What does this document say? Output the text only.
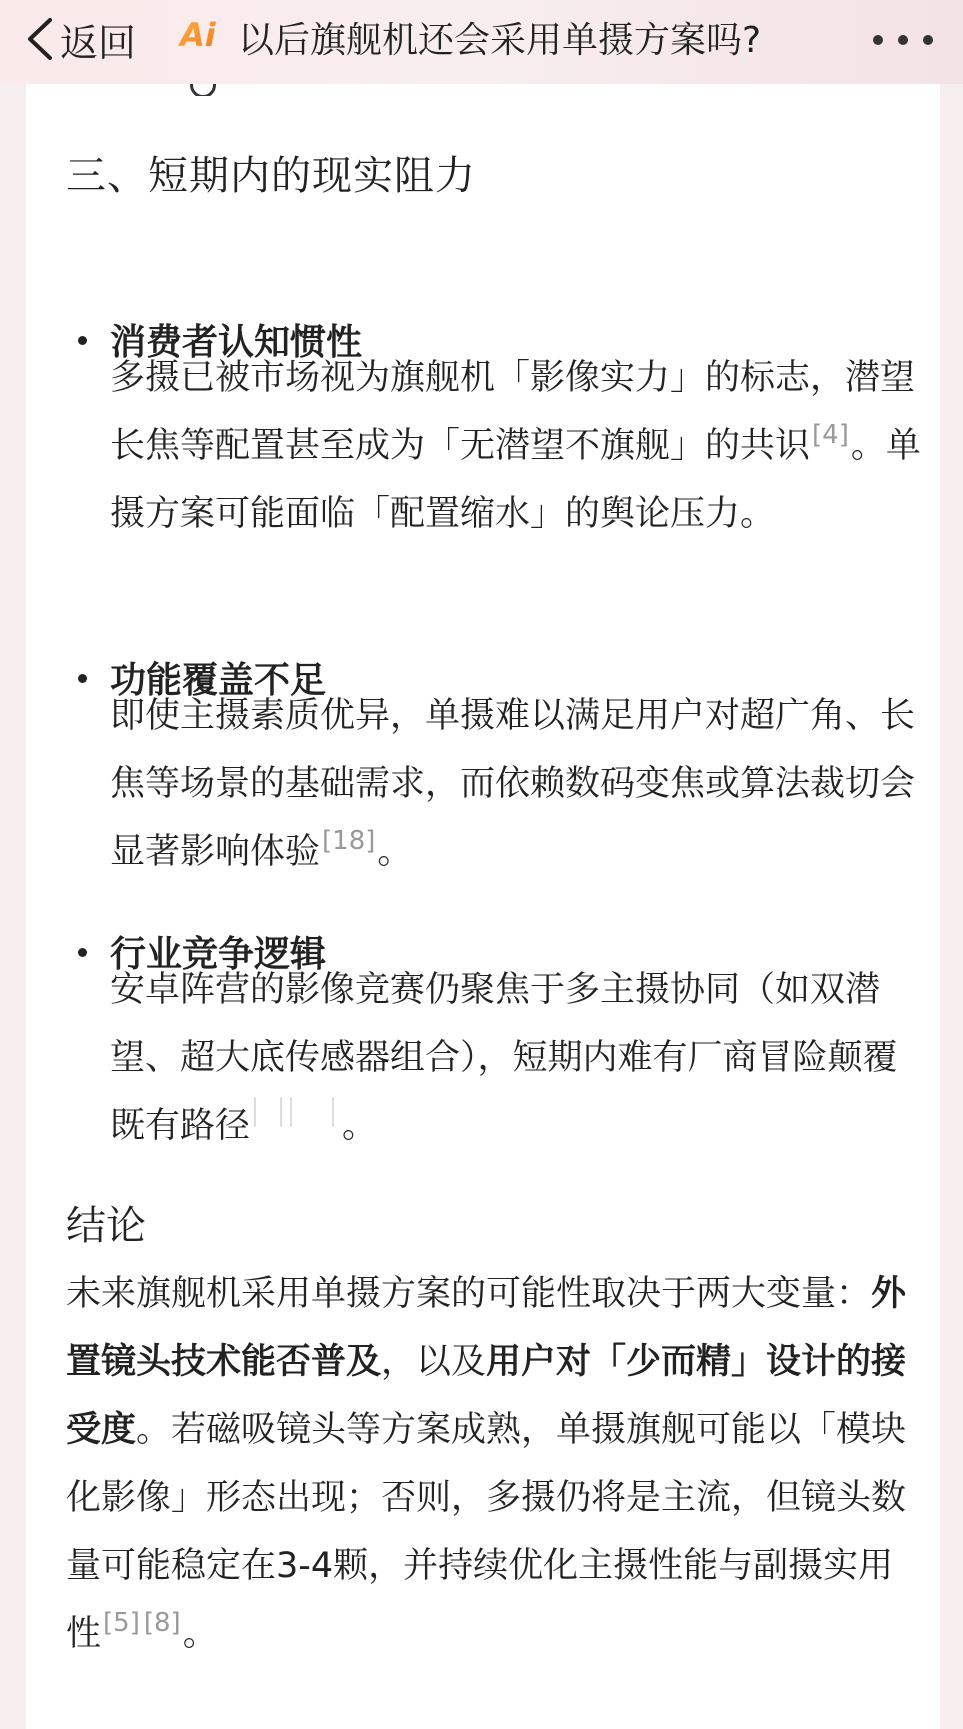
返回 Ai 以后旗舰机还会采用单摄方案吗?
三、短期内的现实阻力
消费者认知惯性
多摄已被市场视为旗舰机「影像实力」的标志，潜望长焦等配置甚至成为「无潜望不旗舰」的共识[4]。单摄方案可能面临「配置缩水」的舆论压力。
功能覆盖不足
即使主摄素质优异，单摄难以满足用户对超广角、长焦等场景的基础需求，而依赖数码变焦或算法裁切会显著影响体验[18]。
行业竞争逻辑
安卓阵营的影像竞赛仍聚焦于多主摄协同（如双潜望、超大底传感器组合），短期内难有厂商冒险颠覆既有路径	。
结论
未来旗舰机采用单摄方案的可能性取决于两大变量：外置镜头技术能否普及，以及用户对「少而精」设计的接受度。若磁吸镜头等方案成熟，单摄旗舰可能以「模块化影像」形态出现；否则，多摄仍将是主流，但镜头数量可能稳定在3-4颗，并持续优化主摄性能与副摄实用性[5] [8]。
